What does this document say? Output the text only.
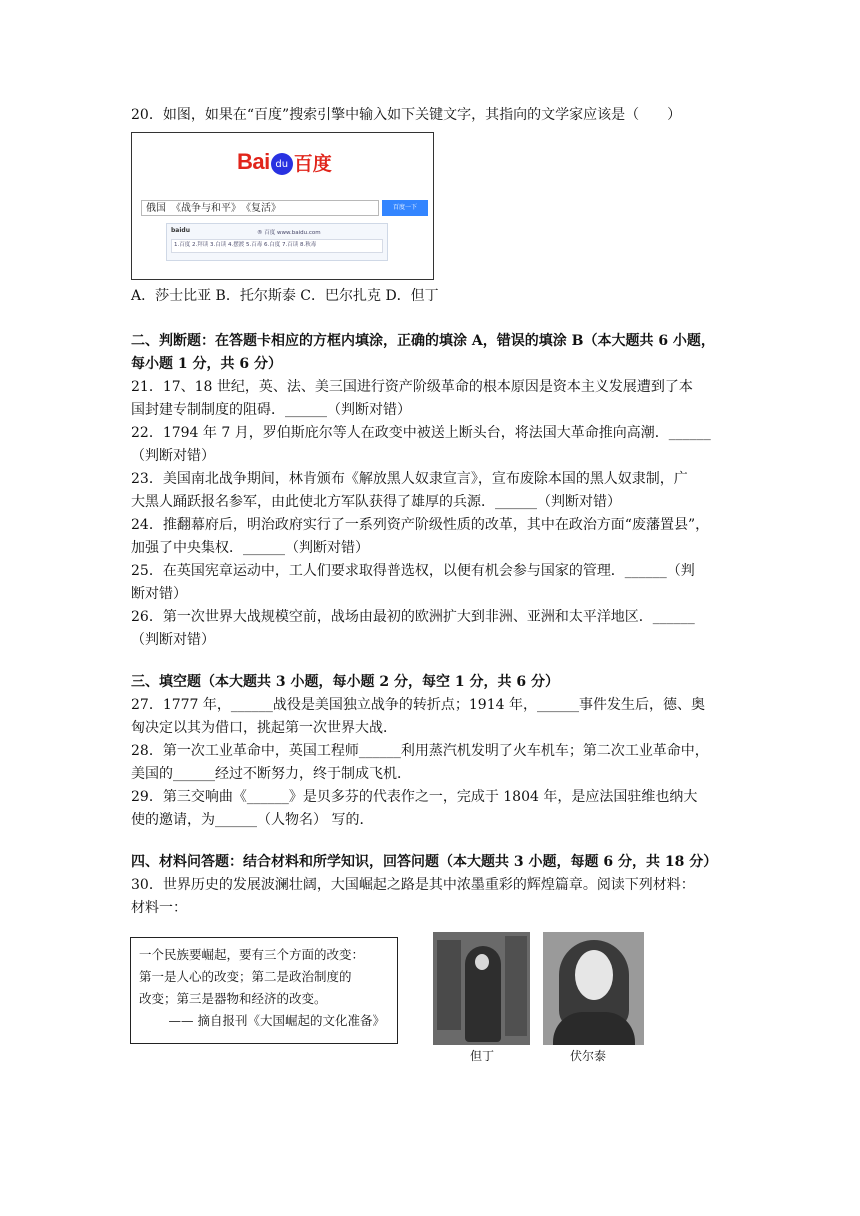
20．如图，如果在“百度”搜索引擎中输入如下关键文字，其指向的文学家应该是（　　）
Bai du 百度
俄国　《战争与和平》　《复活》	百度一下
baidu	® 百度 www.baidu.com
1.百度 2.拜读 3.白读 4.摆渡 5.百毒 6.白度 7.百读 8.秋毒
A．莎士比亚 B．托尔斯泰 C．巴尔扎克 D．但丁
二、判断题：在答题卡相应的方框内填涂，正确的填涂 A，错误的填涂 B（本大题共 6 小题，
每小题 1 分，共 6 分）
21．17、18 世纪，英、法、美三国进行资产阶级革命的根本原因是资本主义发展遭到了本
国封建专制制度的阻碍．______（判断对错）
22．1794 年 7 月，罗伯斯庇尔等人在政变中被送上断头台，将法国大革命推向高潮．______
（判断对错）
23．美国南北战争期间，林肯颁布《解放黑人奴隶宣言》，宣布废除本国的黑人奴隶制，广
大黑人踊跃报名参军，由此使北方军队获得了雄厚的兵源．______（判断对错）
24．推翻幕府后，明治政府实行了一系列资产阶级性质的改革，其中在政治方面“废藩置县”，
加强了中央集权．______（判断对错）
25．在英国宪章运动中，工人们要求取得普选权，以便有机会参与国家的管理．______（判
断对错）
26．第一次世界大战规模空前，战场由最初的欧洲扩大到非洲、亚洲和太平洋地区．______
（判断对错）
三、填空题（本大题共 3 小题，每小题 2 分，每空 1 分，共 6 分）
27．1777 年，______战役是美国独立战争的转折点；1914 年，______事件发生后，德、奥
匈决定以其为借口，挑起第一次世界大战．
28．第一次工业革命中，英国工程师______利用蒸汽机发明了火车机车；第二次工业革命中，
美国的______经过不断努力，终于制成飞机．
29．第三交响曲《______》是贝多芬的代表作之一，完成于 1804 年，是应法国驻维也纳大
使的邀请，为______（人物名） 写的．
四、材料问答题：结合材料和所学知识，回答问题（本大题共 3 小题，每题 6 分，共 18 分）
30．世界历史的发展波澜壮阔，大国崛起之路是其中浓墨重彩的辉煌篇章。阅读下列材料：
材料一：
一个民族要崛起，要有三个方面的改变：
第一是人心的改变；第二是政治制度的
改变；第三是器物和经济的改变。
—— 摘自报刊《大国崛起的文化准备》
但丁	伏尔泰
